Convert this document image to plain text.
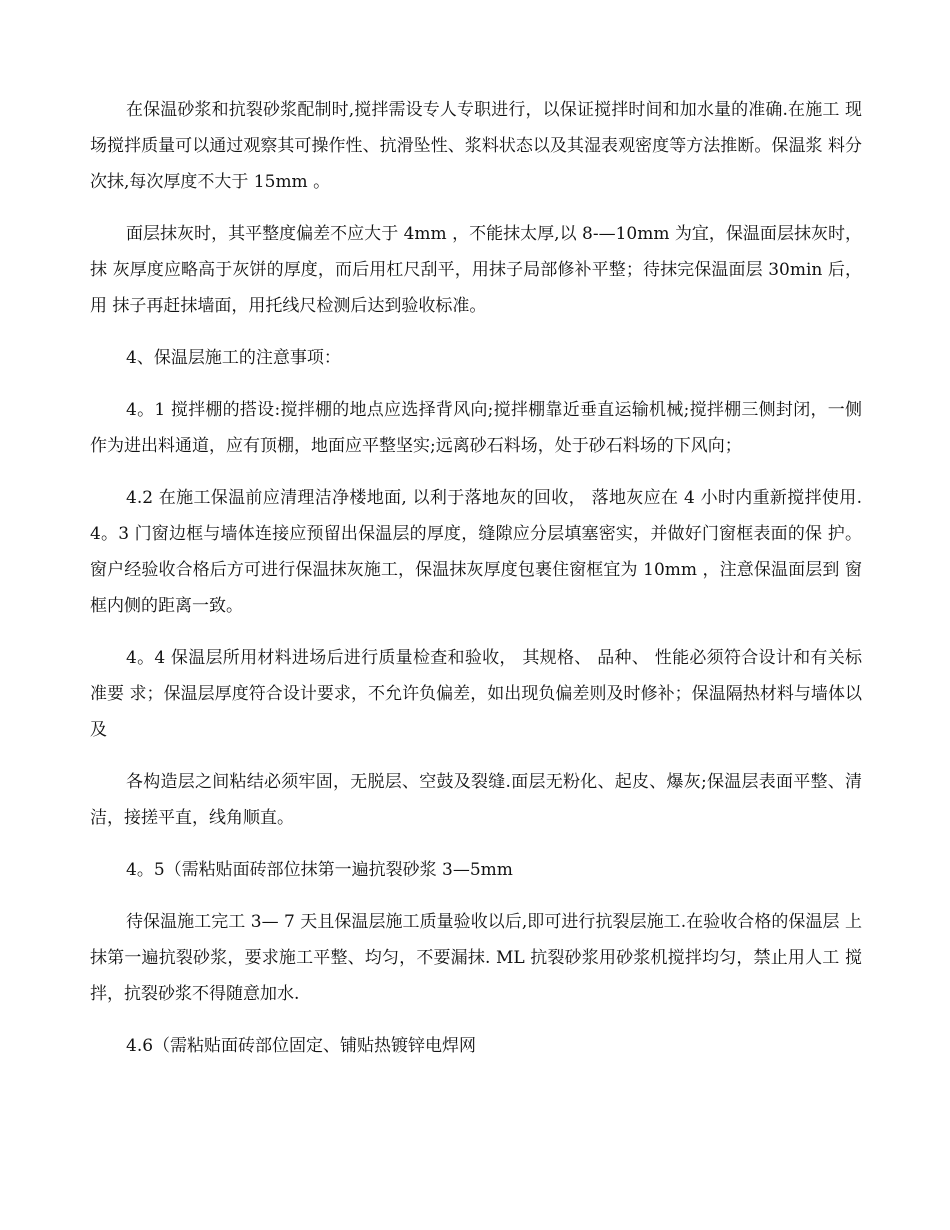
在保温砂浆和抗裂砂浆配制时,搅拌需设专人专职进行，以保证搅拌时间和加水量的准确.在施工 现场搅拌质量可以通过观察其可操作性、抗滑坠性、浆料状态以及其湿表观密度等方法推断。保温浆 料分次抹,每次厚度不大于 15mm 。

面层抹灰时，其平整度偏差不应大于 4mm ，不能抹太厚,以 8-—10mm 为宜，保温面层抹灰时，抹 灰厚度应略高于灰饼的厚度，而后用杠尺刮平，用抹子局部修补平整；待抹完保温面层 30min 后，用 抹子再赶抹墙面，用托线尺检测后达到验收标准。

4、保温层施工的注意事项：

4。1 搅拌棚的搭设:搅拌棚的地点应选择背风向;搅拌棚靠近垂直运输机械;搅拌棚三侧封闭，一侧作为进出料通道，应有顶棚，地面应平整坚实;远离砂石料场，处于砂石料场的下风向；

4.2 在施工保温前应清理洁净楼地面, 以利于落地灰的回收， 落地灰应在 4 小时内重新搅拌使用. 4。3 门窗边框与墙体连接应预留出保温层的厚度，缝隙应分层填塞密实，并做好门窗框表面的保 护。窗户经验收合格后方可进行保温抹灰施工，保温抹灰厚度包裹住窗框宜为 10mm ，注意保温面层到 窗框内侧的距离一致。

4。4 保温层所用材料进场后进行质量检查和验收， 其规格、 品种、 性能必须符合设计和有关标准要 求；保温层厚度符合设计要求，不允许负偏差，如出现负偏差则及时修补；保温隔热材料与墙体以及

各构造层之间粘结必须牢固，无脱层、空鼓及裂缝.面层无粉化、起皮、爆灰;保温层表面平整、清 洁，接搓平直，线角顺直。

4。5（需粘贴面砖部位抹第一遍抗裂砂浆 3—5mm

待保温施工完工 3— 7 天且保温层施工质量验收以后,即可进行抗裂层施工.在验收合格的保温层 上抹第一遍抗裂砂浆，要求施工平整、均匀，不要漏抹. ML 抗裂砂浆用砂浆机搅拌均匀，禁止用人工 搅拌，抗裂砂浆不得随意加水.

4.6（需粘贴面砖部位固定、铺贴热镀锌电焊网
